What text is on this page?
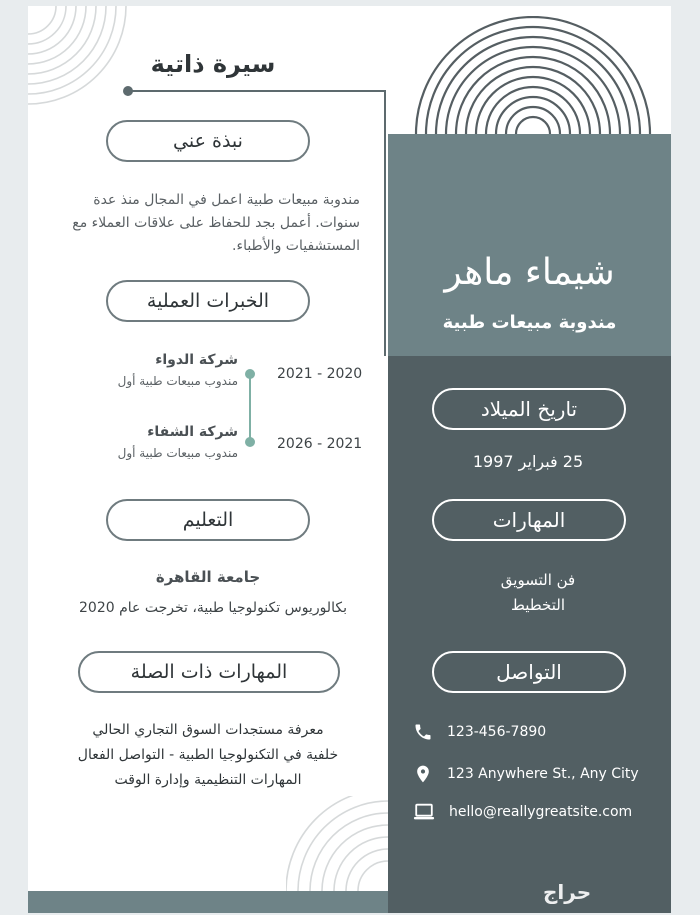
سيرة ذاتية
نبذة عني
مندوبة مبيعات طبية اعمل في المجال منذ عدة سنوات. أعمل بجد للحفاظ على علاقات العملاء مع المستشفيات والأطباء.
الخبرات العملية
شركة الدواء
مندوب مبيعات طبية أول	2021 - 2020
شركة الشفاء
مندوب مبيعات طبية أول
2026 - 2021
التعليم
جامعة القاهرة
بكالوريوس تكنولوجيا طبية، تخرجت عام 2020
المهارات ذات الصلة
معرفة مستجدات السوق التجاري الحالي
خلفية في التكنولوجيا الطبية - التواصل الفعال
المهارات التنظيمية وإدارة الوقت
شيماء ماهر
مندوبة مبيعات طبية
تاريخ الميلاد
25 فبراير 1997
المهارات
فن التسويق
التخطيط
التواصل
123-456-7890
123 Anywhere St., Any City
hello@reallygreatsite.com
حراج
